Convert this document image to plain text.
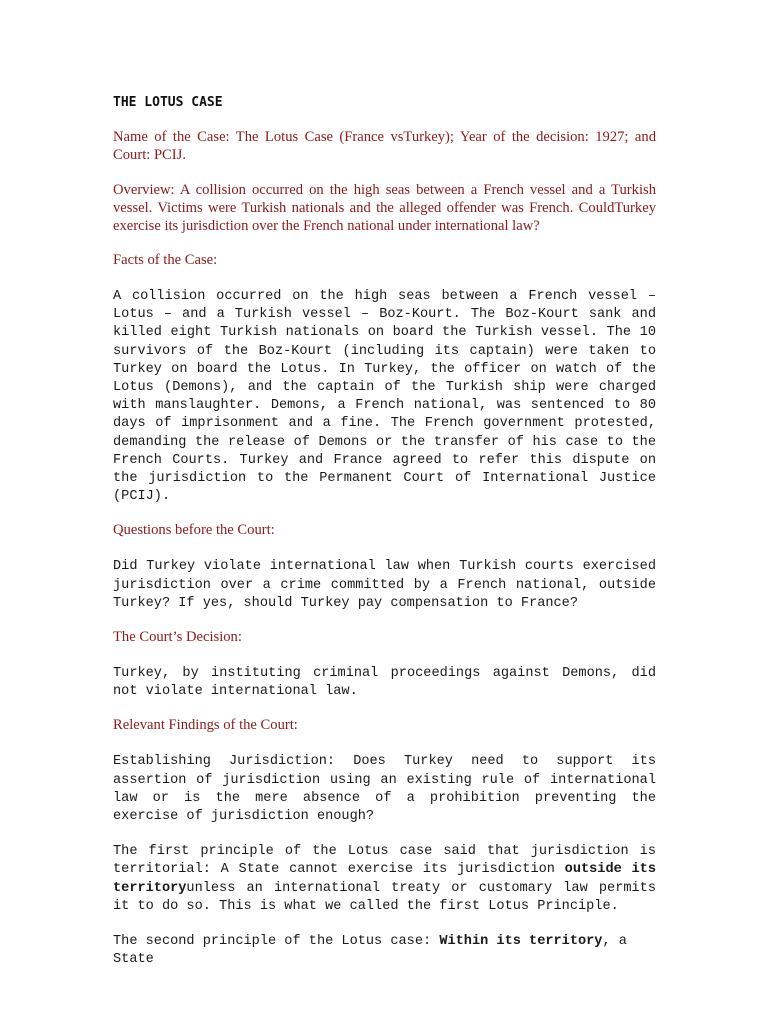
THE LOTUS CASE

Name of the Case: The Lotus Case (France vsTurkey); Year of the decision: 1927; and Court: PCIJ.

Overview: A collision occurred on the high seas between a French vessel and a Turkish vessel. Victims were Turkish nationals and the alleged offender was French. CouldTurkey exercise its jurisdiction over the French national under international law?

Facts of the Case:

A collision occurred on the high seas between a French vessel – Lotus – and a Turkish vessel – Boz-Kourt. The Boz-Kourt sank and killed eight Turkish nationals on board the Turkish vessel. The 10 survivors of the Boz-Kourt (including its captain) were taken to Turkey on board the Lotus. In Turkey, the officer on watch of the Lotus (Demons), and the captain of the Turkish ship were charged with manslaughter. Demons, a French national, was sentenced to 80 days of imprisonment and a fine. The French government protested, demanding the release of Demons or the transfer of his case to the French Courts. Turkey and France agreed to refer this dispute on the jurisdiction to the Permanent Court of International Justice (PCIJ).

Questions before the Court:

Did Turkey violate international law when Turkish courts exercised jurisdiction over a crime committed by a French national, outside Turkey? If yes, should Turkey pay compensation to France?

The Court’s Decision:

Turkey, by instituting criminal proceedings against Demons, did not violate international law.

Relevant Findings of the Court:

Establishing Jurisdiction: Does Turkey need to support its assertion of jurisdiction using an existing rule of international law or is the mere absence of a prohibition preventing the exercise of jurisdiction enough?

The first principle of the Lotus case said that jurisdiction is territorial: A State cannot exercise its jurisdiction outside its territoryunless an international treaty or customary law permits it to do so. This is what we called the first Lotus Principle.

The second principle of the Lotus case: Within its territory, a State
